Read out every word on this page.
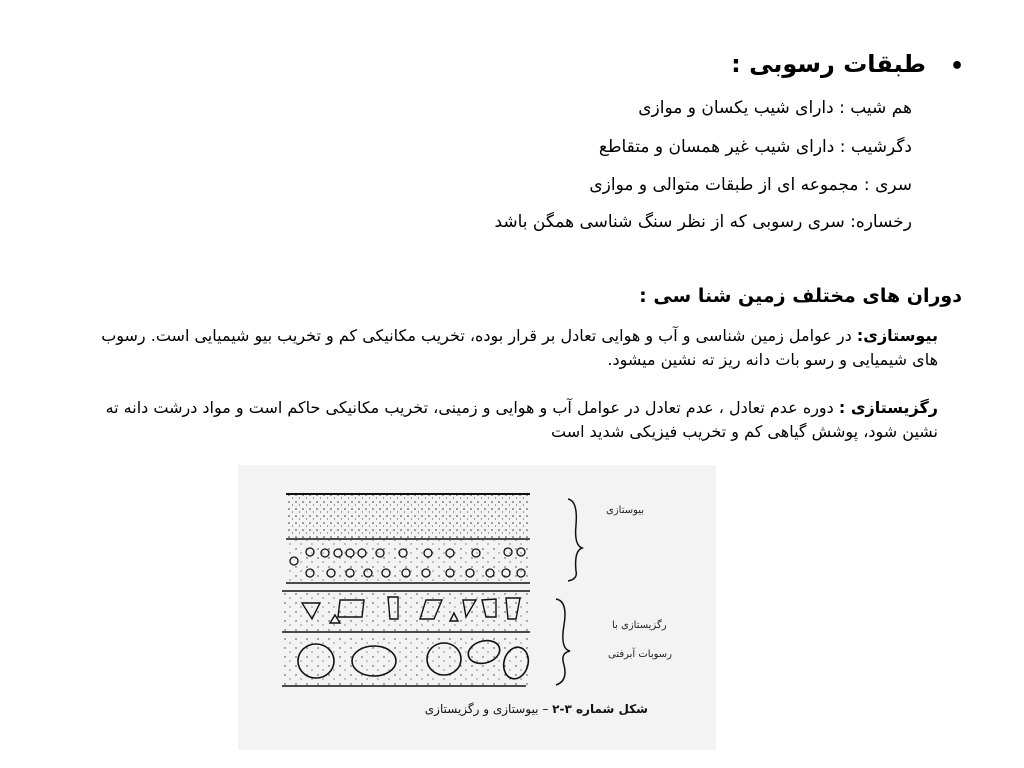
•
طبقات رسوبی :
هم شیب : دارای شیب یکسان و موازی
دگرشیب : دارای شیب غیر همسان و متقاطع
سری : مجموعه ای از طبقات متوالی و موازی
رخساره: سری رسوبی که از نظر سنگ شناسی همگن باشد
دوران های مختلف زمین شنا سی :
بیوستازی: در عوامل زمین شناسی و آب و هوایی تعادل بر قرار بوده، تخریب مکانیکی کم و تخریب بیو شیمیایی است. رسوب های شیمیایی و رسو بات دانه ریز ته نشین میشود.
رگزیستازی : دوره عدم تعادل ، عدم تعادل در عوامل آب و هوایی و زمینی، تخریب مکانیکی حاکم است و مواد درشت دانه ته نشین شود، پوشش گیاهی کم و تخریب فیزیکی شدید است
بیوستازی
رگزیستازی با
رسوبات آبرفتی
شکل شماره ۳-۲ – بیوستازی و رگزیستازی
